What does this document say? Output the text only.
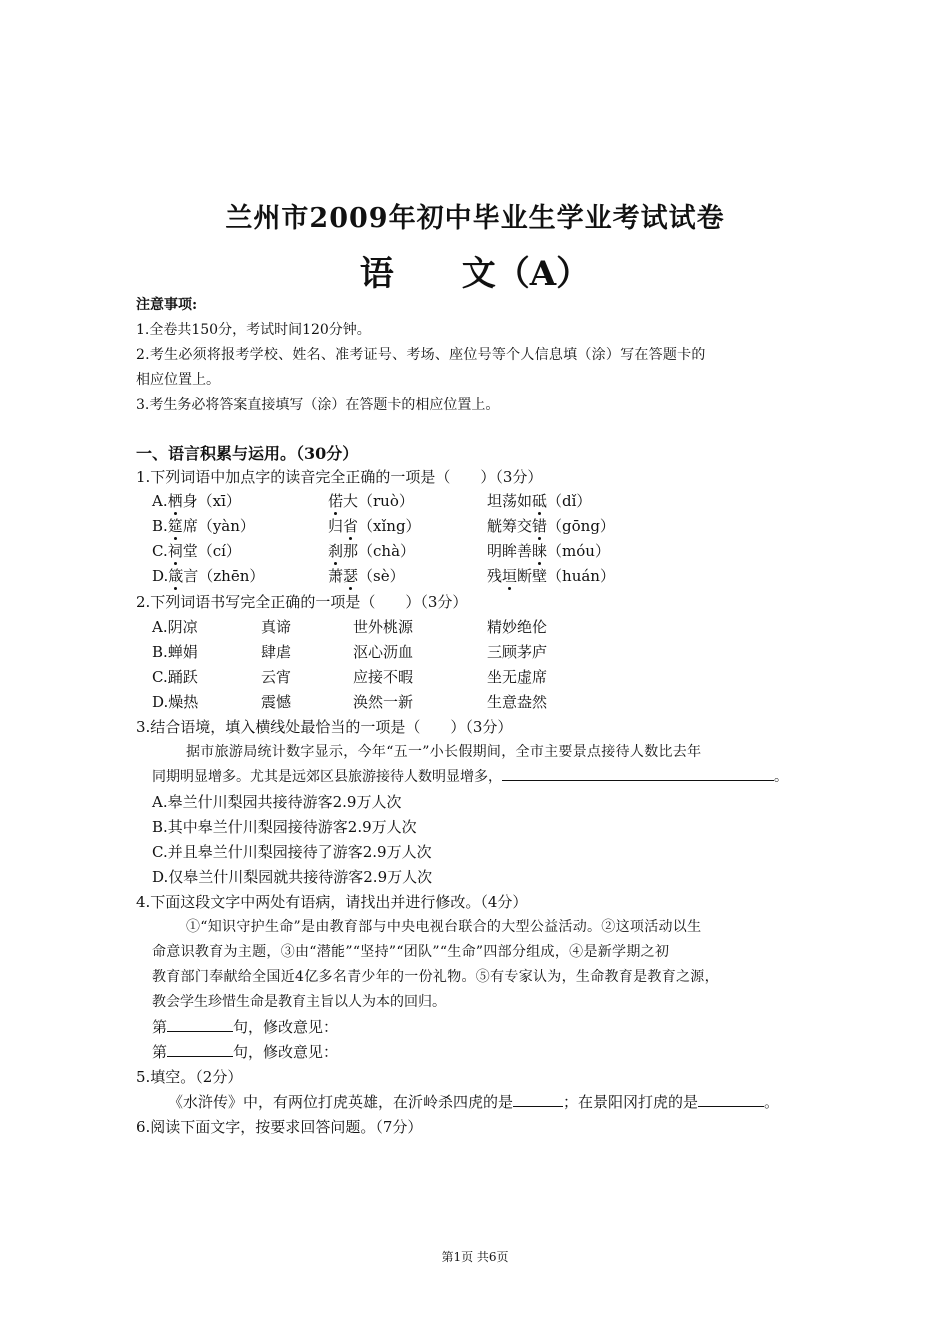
兰州市2009年初中毕业生学业考试试卷
语　　文（A）
注意事项:
1.全卷共150分，考试时间120分钟。
2.考生必须将报考学校、姓名、准考证号、考场、座位号等个人信息填（涂）写在答题卡的
相应位置上。
3.考生务必将答案直接填写（涂）在答题卡的相应位置上。
一、语言积累与运用。（30分）
1.下列词语中加点字的读音完全正确的一项是（　　）（3分）
A.栖身（xī）	偌大（ruò）	坦荡如砥（dǐ）
B.筵席（yàn）	归省（xǐng）	觥筹交错（gōng）
C.祠堂（cí）	刹那（chà）	明眸善睐（móu）
D.箴言（zhēn）	萧瑟（sè）	残垣断壁（huán）
2.下列词语书写完全正确的一项是（　　）（3分）
A.阴凉	真谛	世外桃源	精妙绝伦
B.蝉娟	肆虐	沤心沥血	三顾茅庐
C.踊跃	云宵	应接不暇	坐无虚席
D.燥热	震憾	涣然一新	生意盎然
3.结合语境，填入横线处最恰当的一项是（　　）（3分）
据市旅游局统计数字显示，今年“五一”小长假期间，全市主要景点接待人数比去年
同期明显增多。尤其是远郊区县旅游接待人数明显增多，	。
A.皋兰什川梨园共接待游客2.9万人次
B.其中皋兰什川梨园接待游客2.9万人次
C.并且皋兰什川梨园接待了游客2.9万人次
D.仅皋兰什川梨园就共接待游客2.9万人次
4.下面这段文字中两处有语病，请找出并进行修改。（4分）
①“知识守护生命”是由教育部与中央电视台联合的大型公益活动。②这项活动以生
命意识教育为主题，③由“潜能”“坚持”“团队”“生命”四部分组成，④是新学期之初
教育部门奉献给全国近4亿多名青少年的一份礼物。⑤有专家认为，生命教育是教育之源，
教会学生珍惜生命是教育主旨以人为本的回归。
第	句，修改意见：
第	句，修改意见：
5.填空。（2分）
《水浒传》中，有两位打虎英雄，在沂岭杀四虎的是	；在景阳冈打虎的是	。
6.阅读下面文字，按要求回答问题。（7分）
第1页 共6页
